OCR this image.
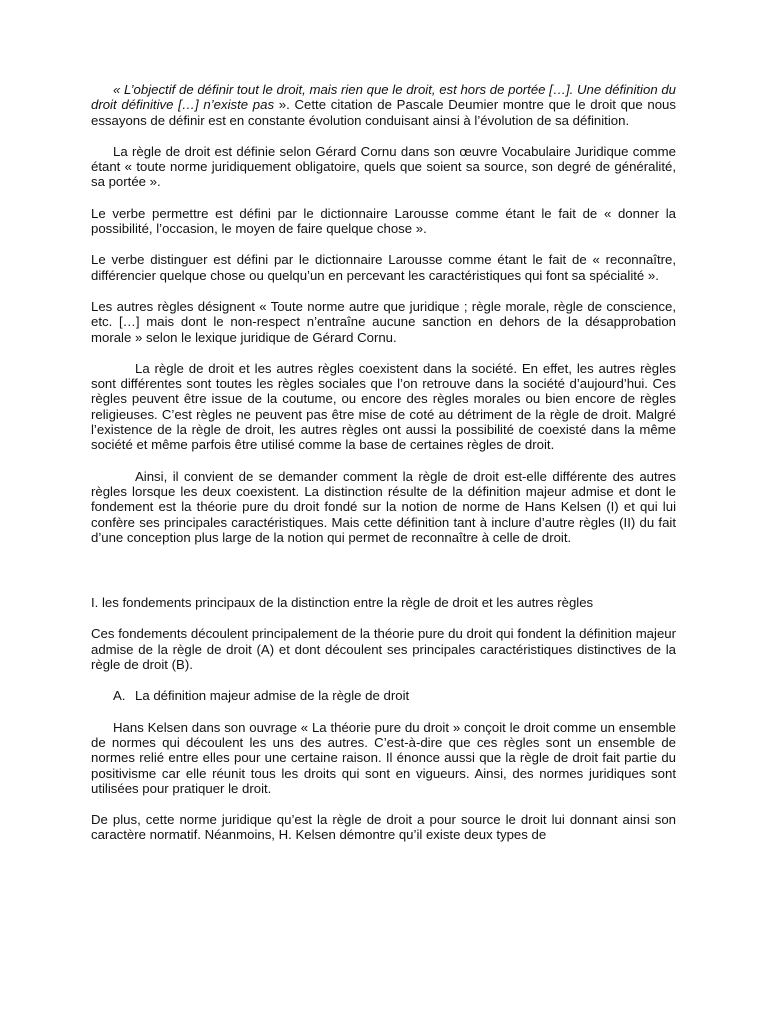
« L’objectif de définir tout le droit, mais rien que le droit, est hors de portée […]. Une définition du droit définitive […] n’existe pas ». Cette citation de Pascale Deumier montre que le droit que nous essayons de définir est en constante évolution conduisant ainsi à l’évolution de sa définition.

La règle de droit est définie selon Gérard Cornu dans son œuvre Vocabulaire Juridique comme étant « toute norme juridiquement obligatoire, quels que soient sa source, son degré de généralité, sa portée ».

Le verbe permettre est défini par le dictionnaire Larousse comme étant le fait de « donner la possibilité, l’occasion, le moyen de faire quelque chose ».

Le verbe distinguer est défini par le dictionnaire Larousse comme étant le fait de « reconnaître, différencier quelque chose ou quelqu’un en percevant les caractéristiques qui font sa spécialité ».

Les autres règles désignent « Toute norme autre que juridique ; règle morale, règle de conscience, etc. […] mais dont le non-respect n’entraîne aucune sanction en dehors de la désapprobation morale » selon le lexique juridique de Gérard Cornu.

La règle de droit et les autres règles coexistent dans la société. En effet, les autres règles sont différentes sont toutes les règles sociales que l’on retrouve dans la société d’aujourd’hui. Ces règles peuvent être issue de la coutume, ou encore des règles morales ou bien encore de règles religieuses. C’est règles ne peuvent pas être mise de coté au détriment de la règle de droit. Malgré l’existence de la règle de droit, les autres règles ont aussi la possibilité de coexisté dans la même société et même parfois être utilisé comme la base de certaines règles de droit.

Ainsi, il convient de se demander comment la règle de droit est-elle différente des autres règles lorsque les deux coexistent. La distinction résulte de la définition majeur admise et dont le fondement est la théorie pure du droit fondé sur la notion de norme de Hans Kelsen (I) et qui lui confère ses principales caractéristiques. Mais cette définition tant à inclure d’autre règles (II) du fait d’une conception plus large de la notion qui permet de reconnaître à celle de droit.

I. les fondements principaux de la distinction entre la règle de droit et les autres règles

Ces fondements découlent principalement de la théorie pure du droit qui fondent la définition majeur admise de la règle de droit (A) et dont découlent ses principales caractéristiques distinctives de la règle de droit (B).

A. La définition majeur admise de la règle de droit

Hans Kelsen dans son ouvrage « La théorie pure du droit » conçoit le droit comme un ensemble de normes qui découlent les uns des autres. C’est-à-dire que ces règles sont un ensemble de normes relié entre elles pour une certaine raison. Il énonce aussi que la règle de droit fait partie du positivisme car elle réunit tous les droits qui sont en vigueurs. Ainsi, des normes juridiques sont utilisées pour pratiquer le droit.

De plus, cette norme juridique qu’est la règle de droit a pour source le droit lui donnant ainsi son caractère normatif. Néanmoins, H. Kelsen démontre qu’il existe deux types de
